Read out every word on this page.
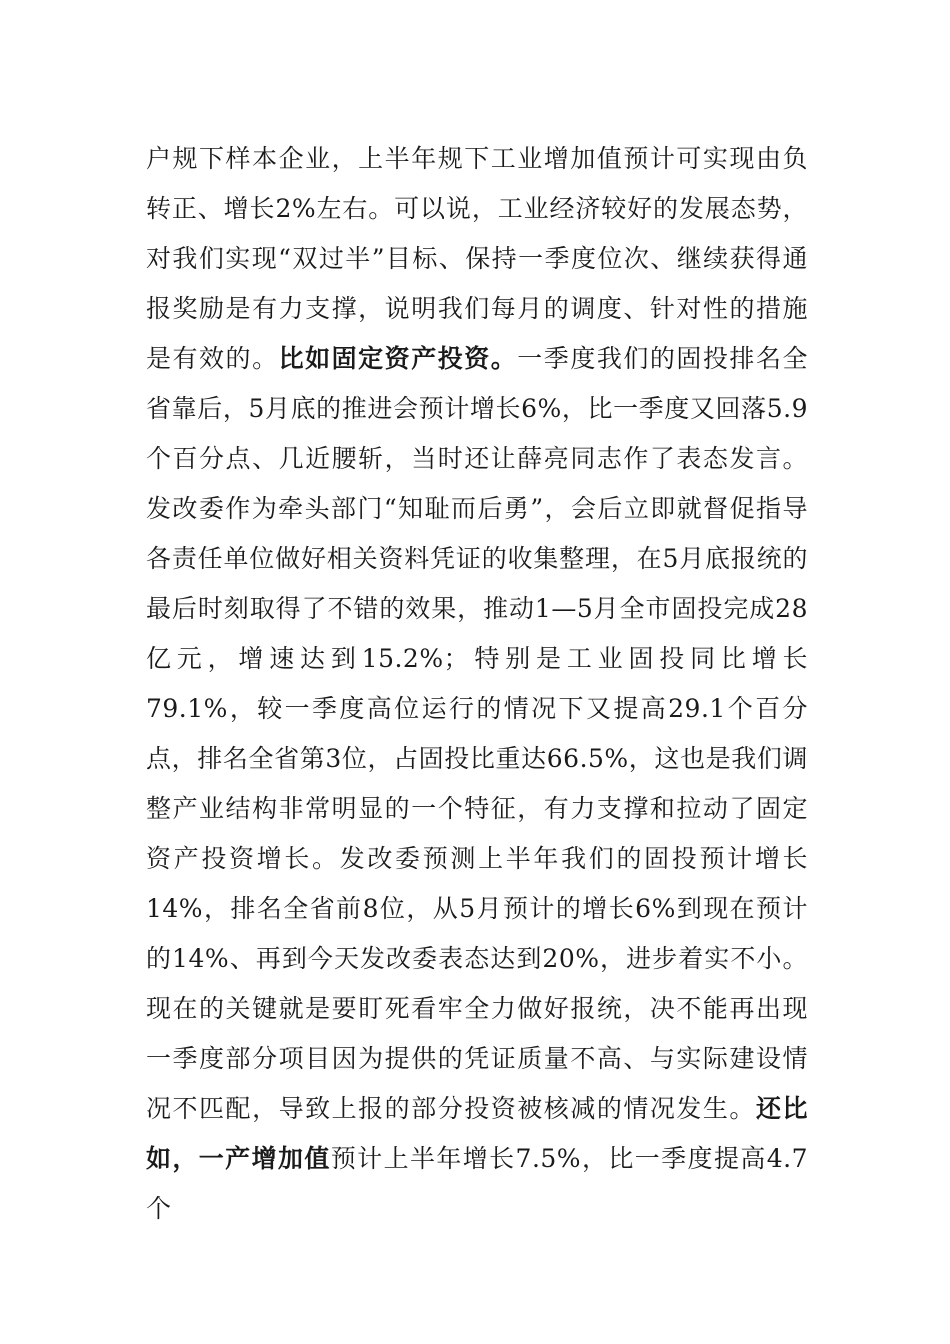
户规下样本企业，上半年规下工业增加值预计可实现由负转正、增长2%左右。可以说，工业经济较好的发展态势，对我们实现“双过半”目标、保持一季度位次、继续获得通报奖励是有力支撑，说明我们每月的调度、针对性的措施是有效的。比如固定资产投资。一季度我们的固投排名全省靠后，5月底的推进会预计增长6%，比一季度又回落5.9个百分点、几近腰斩，当时还让薛亮同志作了表态发言。发改委作为牵头部门“知耻而后勇”，会后立即就督促指导各责任单位做好相关资料凭证的收集整理，在5月底报统的最后时刻取得了不错的效果，推动1—5月全市固投完成28亿元，增速达到15.2%；特别是工业固投同比增长79.1%，较一季度高位运行的情况下又提高29.1个百分点，排名全省第3位，占固投比重达66.5%，这也是我们调整产业结构非常明显的一个特征，有力支撑和拉动了固定资产投资增长。发改委预测上半年我们的固投预计增长14%，排名全省前8位，从5月预计的增长6%到现在预计的14%、再到今天发改委表态达到20%，进步着实不小。现在的关键就是要盯死看牢全力做好报统，决不能再出现一季度部分项目因为提供的凭证质量不高、与实际建设情况不匹配，导致上报的部分投资被核减的情况发生。还比如，一产增加值预计上半年增长7.5%，比一季度提高4.7个
